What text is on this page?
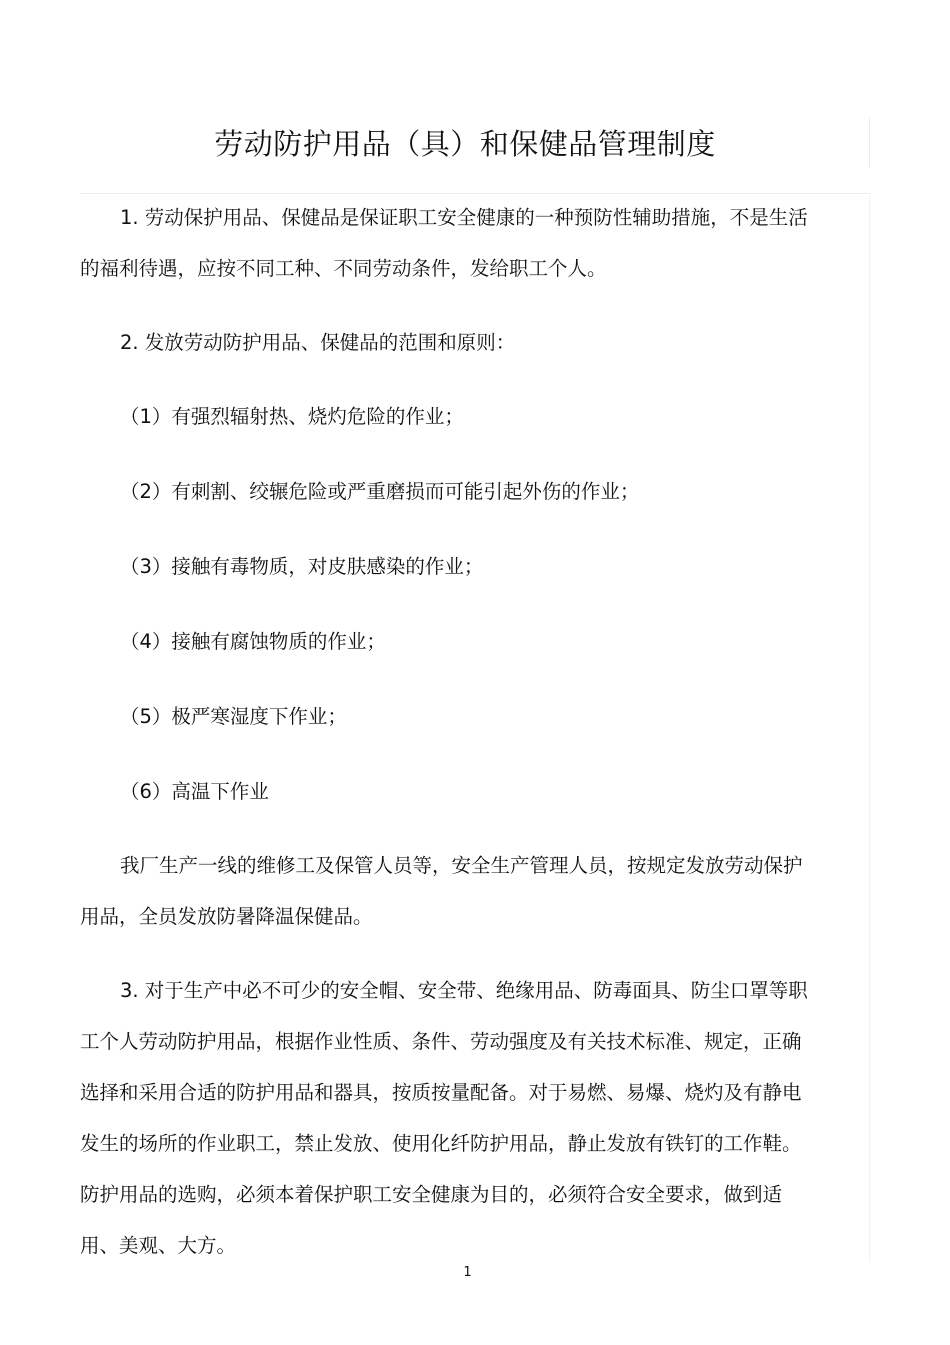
劳动防护用品（具）和保健品管理制度

1. 劳动保护用品、保健品是保证职工安全健康的一种预防性辅助措施，不是生活的福利待遇，应按不同工种、不同劳动条件，发给职工个人。

2. 发放劳动防护用品、保健品的范围和原则：

（1）有强烈辐射热、烧灼危险的作业；

（2）有刺割、绞辗危险或严重磨损而可能引起外伤的作业；

（3）接触有毒物质，对皮肤感染的作业；

（4）接触有腐蚀物质的作业；

（5）极严寒湿度下作业；

（6）高温下作业

我厂生产一线的维修工及保管人员等，安全生产管理人员，按规定发放劳动保护用品，全员发放防暑降温保健品。

3. 对于生产中必不可少的安全帽、安全带、绝缘用品、防毒面具、防尘口罩等职工个人劳动防护用品，根据作业性质、条件、劳动强度及有关技术标准、规定，正确选择和采用合适的防护用品和器具，按质按量配备。对于易燃、易爆、烧灼及有静电发生的场所的作业职工，禁止发放、使用化纤防护用品，静止发放有铁钉的工作鞋。防护用品的选购，必须本着保护职工安全健康为目的，必须符合安全要求，做到适用、美观、大方。

1
